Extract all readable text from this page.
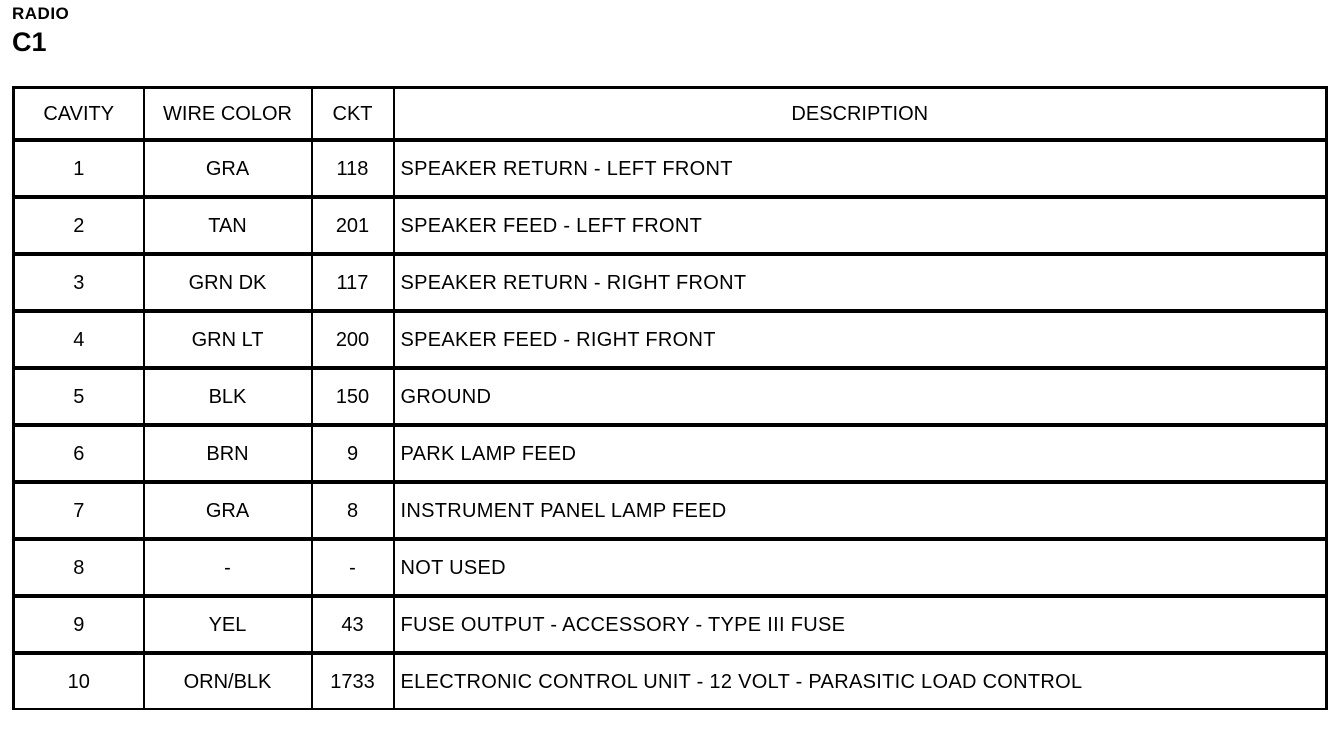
RADIO
C1
CAVITY	WIRE COLOR	CKT	DESCRIPTION
1	GRA	118	SPEAKER RETURN - LEFT FRONT
2	TAN	201	SPEAKER FEED - LEFT FRONT
3	GRN DK	117	SPEAKER RETURN - RIGHT FRONT
4	GRN LT	200	SPEAKER FEED - RIGHT FRONT
5	BLK	150	GROUND
6	BRN	9	PARK LAMP FEED
7	GRA	8	INSTRUMENT PANEL LAMP FEED
8	-	-	NOT USED
9	YEL	43	FUSE OUTPUT - ACCESSORY - TYPE III FUSE
10	ORN/BLK	1733	ELECTRONIC CONTROL UNIT - 12 VOLT - PARASITIC LOAD CONTROL
